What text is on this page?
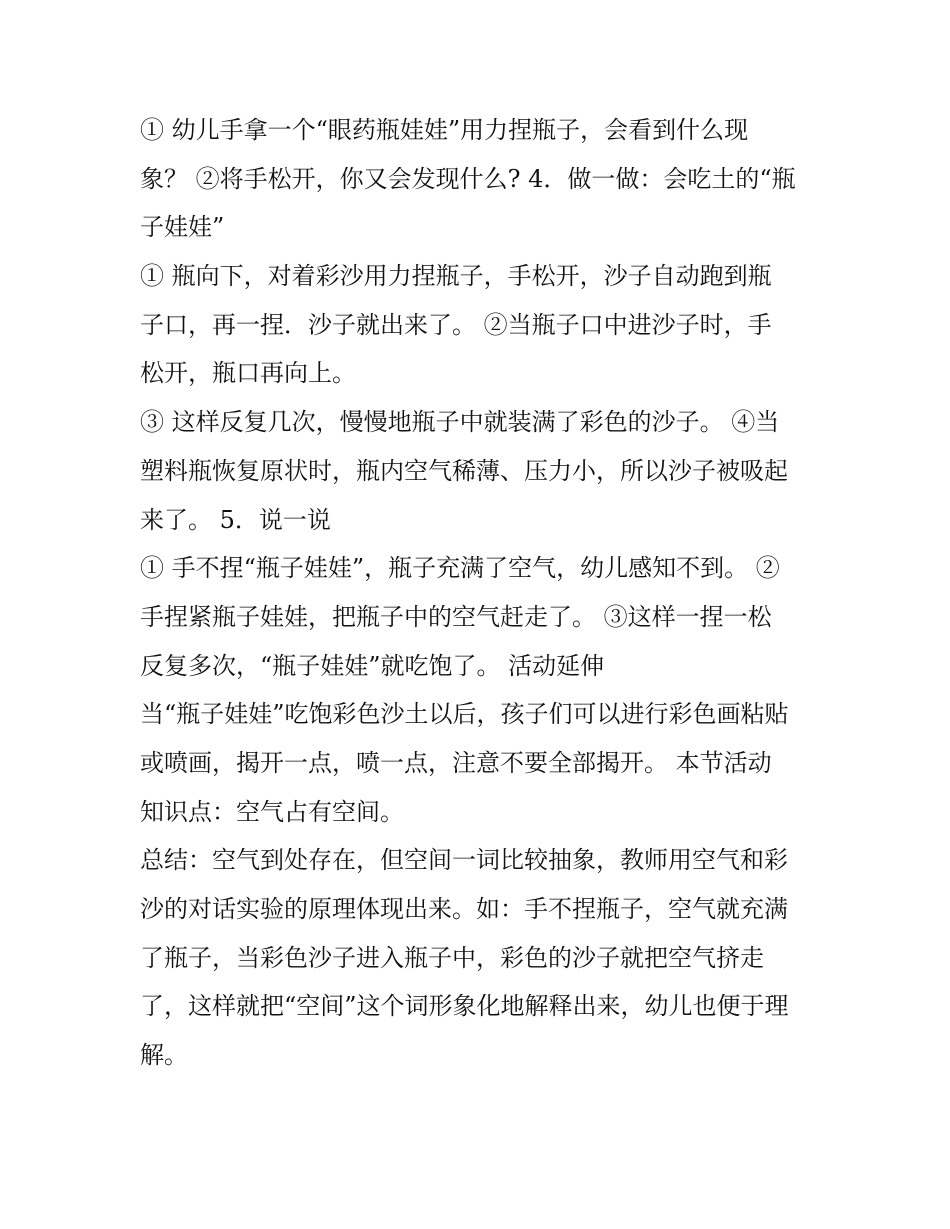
① 幼儿手拿一个“眼药瓶娃娃”用力捏瓶子，会看到什么现
象？ ②将手松开，你又会发现什么? 4．做一做：会吃土的“瓶
子娃娃”
① 瓶向下，对着彩沙用力捏瓶子，手松开，沙子自动跑到瓶
子口，再一捏．沙子就出来了。 ②当瓶子口中进沙子时，手
松开，瓶口再向上。
③ 这样反复几次，慢慢地瓶子中就装满了彩色的沙子。 ④当
塑料瓶恢复原状时，瓶内空气稀薄、压力小，所以沙子被吸起
来了。 5．说一说
① 手不捏“瓶子娃娃”，瓶子充满了空气，幼儿感知不到。 ②
手捏紧瓶子娃娃，把瓶子中的空气赶走了。 ③这样一捏一松
反复多次，“瓶子娃娃”就吃饱了。 活动延伸
当“瓶子娃娃”吃饱彩色沙土以后，孩子们可以进行彩色画粘贴
或喷画，揭开一点，喷一点，注意不要全部揭开。 本节活动
知识点：空气占有空间。
总结：空气到处存在，但空间一词比较抽象，教师用空气和彩
沙的对话实验的原理体现出来。如：手不捏瓶子，空气就充满
了瓶子，当彩色沙子进入瓶子中，彩色的沙子就把空气挤走
了，这样就把“空间”这个词形象化地解释出来，幼儿也便于理
解。
